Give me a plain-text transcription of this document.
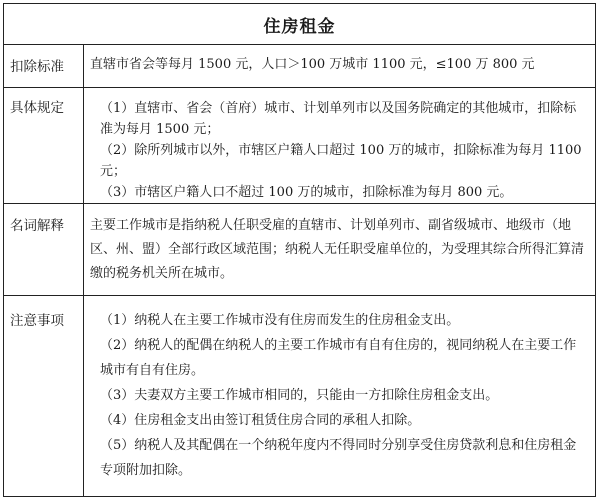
住房租金
扣除标准	直辖市省会等每月 1500 元，人口＞100 万城市 1100 元，≤100 万 800 元

具体规定	（1）直辖市、省会（首府）城市、计划单列市以及国务院确定的其他城市，扣除标准为每月 1500 元；

（2）除所列城市以外，市辖区户籍人口超过 100 万的城市，扣除标准为每月 1100 元；

（3）市辖区户籍人口不超过 100 万的城市，扣除标准为每月 800 元。

名词解释	主要工作城市是指纳税人任职受雇的直辖市、计划单列市、副省级城市、地级市（地区、州、盟）全部行政区域范围；纳税人无任职受雇单位的，为受理其综合所得汇算清缴的税务机关所在城市。

注意事项	（1）纳税人在主要工作城市没有住房而发生的住房租金支出。

（2）纳税人的配偶在纳税人的主要工作城市有自有住房的，视同纳税人在主要工作城市有自有住房。

（3）夫妻双方主要工作城市相同的，只能由一方扣除住房租金支出。

（4）住房租金支出由签订租赁住房合同的承租人扣除。

（5）纳税人及其配偶在一个纳税年度内不得同时分别享受住房贷款利息和住房租金专项附加扣除。
